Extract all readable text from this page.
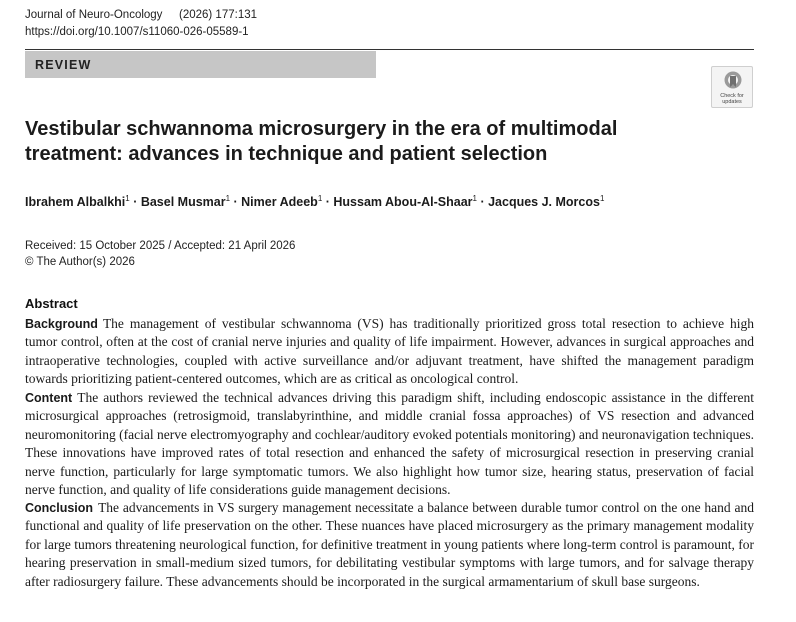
Journal of Neuro-Oncology (2026) 177:131
https://doi.org/10.1007/s11060-026-05589-1
REVIEW
Check for
updates
Vestibular schwannoma microsurgery in the era of multimodal treatment: advances in technique and patient selection
Ibrahem Albalkhi$^1$ · Basel Musmar$^1$ · Nimer Adeeb$^1$ · Hussam Abou-Al-Shaar$^1$ · Jacques J. Morcos$^1$
Received: 15 October 2025 / Accepted: 21 April 2026
© The Author(s) 2026
Abstract

Background The management of vestibular schwannoma (VS) has traditionally prioritized gross total resection to achieve high tumor control, often at the cost of cranial nerve injuries and quality of life impairment. However, advances in surgical approaches and intraoperative technologies, coupled with active surveillance and/or adjuvant treatment, have shifted the management paradigm towards prioritizing patient-centered outcomes, which are as critical as oncological control.

Content The authors reviewed the technical advances driving this paradigm shift, including endoscopic assistance in the different microsurgical approaches (retrosigmoid, translabyrinthine, and middle cranial fossa approaches) of VS resection and advanced neuromonitoring (facial nerve electromyography and cochlear/auditory evoked potentials monitoring) and neuronavigation techniques. These innovations have improved rates of total resection and enhanced the safety of microsurgical resection in preserving cranial nerve function, particularly for large symptomatic tumors. We also highlight how tumor size, hearing status, preservation of facial nerve function, and quality of life considerations guide management decisions.

Conclusion The advancements in VS surgery management necessitate a balance between durable tumor control on the one hand and functional and quality of life preservation on the other. These nuances have placed microsurgery as the primary management modality for large tumors threatening neurological function, for definitive treatment in young patients where long-term control is paramount, for hearing preservation in small-medium sized tumors, for debilitating vestibular symptoms with large tumors, and for salvage therapy after radiosurgery failure. These advancements should be incorporated in the surgical armamentarium of skull base surgeons.
